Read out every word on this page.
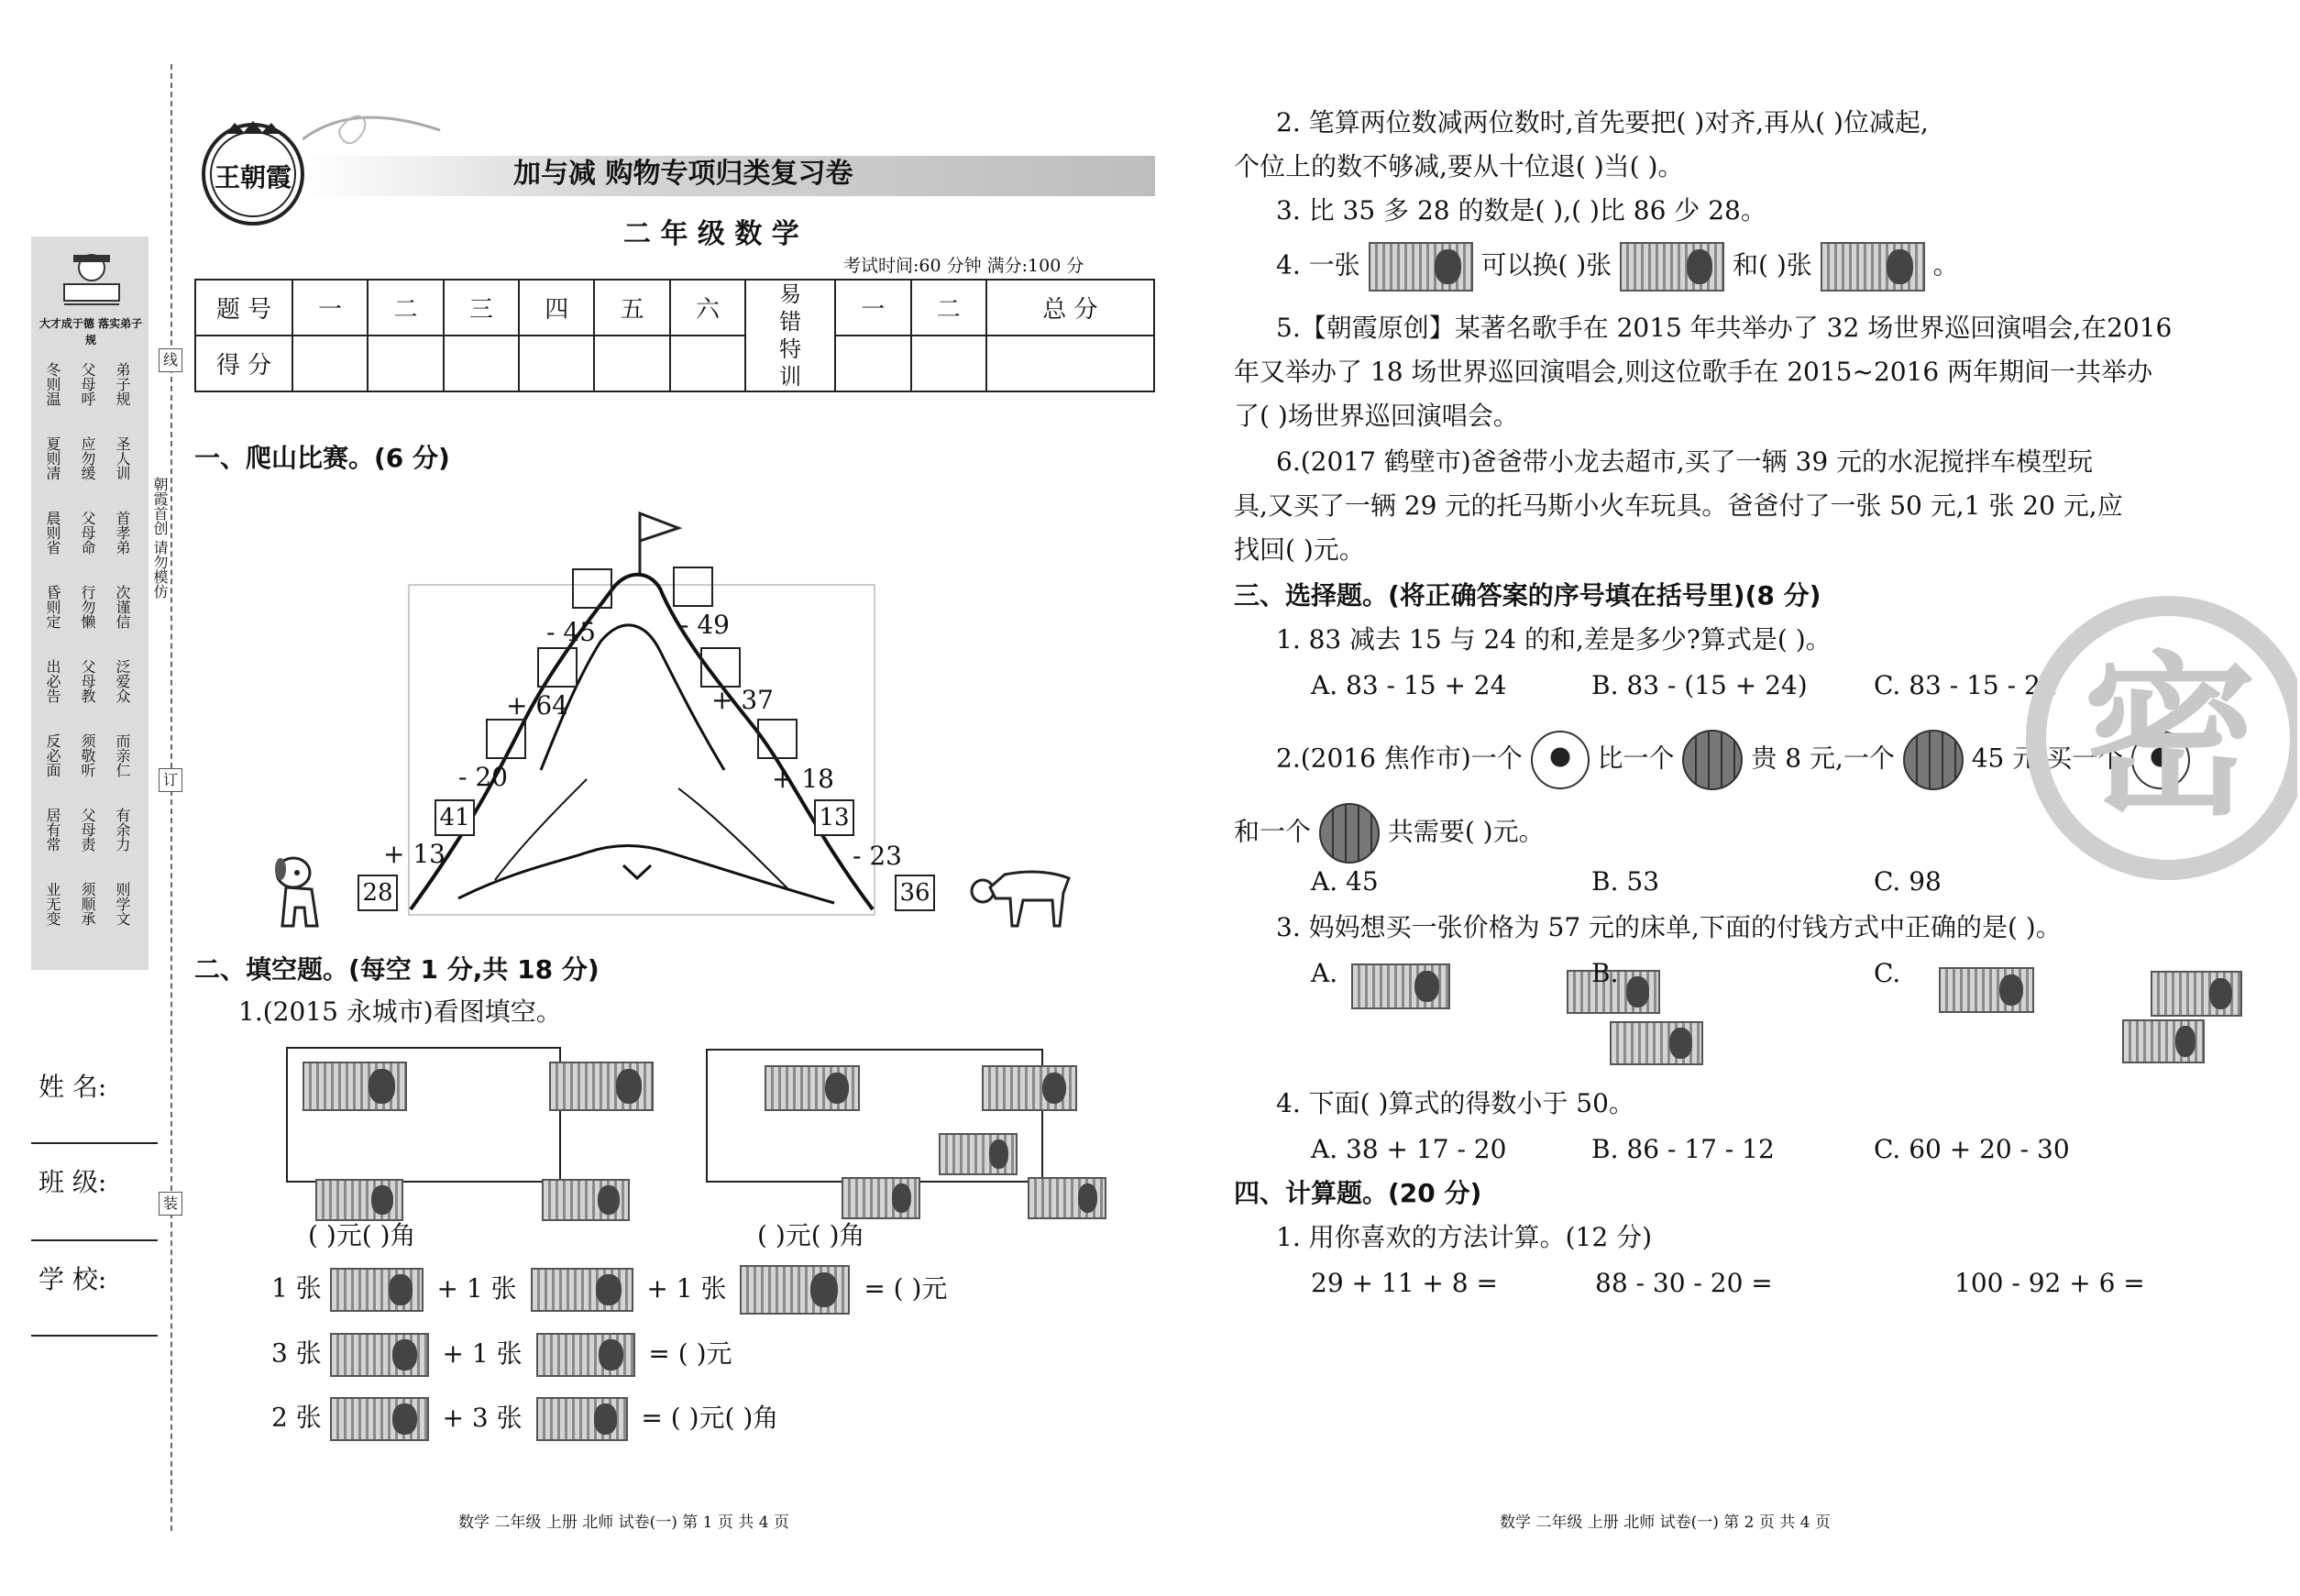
大才成于德 落实弟子规
弟子规
圣人训
首孝弟
次谨信
泛爱众
而亲仁
有余力
则学文
父母呼
应勿缓
父母命
行勿懒
父母教
须敬听
父母责
须顺承
冬则温
夏则凊
晨则省
昏则定
出必告
反必面
居有常
业无变
朝霞首创 请勿模仿
线
订
装
姓 名:
班 级:
学 校:
王朝霞	加与减 购物专项归类复习卷
二 年 级 数 学
考试时间:60 分钟 满分:100 分
题 号	一	二	三	四	五	六	易错特训	一	二	总 分
得 分										
一、爬山比赛。(6 分)
- 45	- 49
+ 64	+ 37
- 20	+ 18
+ 13	- 23
28
41	13
36
二、填空题。(每空 1 分,共 18 分)
1.(2015 永城市)看图填空。

( )元( )角	( )元( )角
1 张	+ 1 张	+ 1 张	= ( )元
3 张	+ 1 张	= ( )元
2 张	+ 3 张	= ( )元( )角
数学 二年级 上册 北师 试卷(一) 第 1 页 共 4 页
2. 笔算两位数减两位数时,首先要把( )对齐,再从( )位减起,
个位上的数不够减,要从十位退( )当( )。
3. 比 35 多 28 的数是( ),( )比 86 少 28。
4. 一张	可以换( )张	和( )张	。
5.【朝霞原创】某著名歌手在 2015 年共举办了 32 场世界巡回演唱会,在2016
年又举办了 18 场世界巡回演唱会,则这位歌手在 2015~2016 两年期间一共举办
了( )场世界巡回演唱会。
6.(2017 鹤壁市)爸爸带小龙去超市,买了一辆 39 元的水泥搅拌车模型玩
具,又买了一辆 29 元的托马斯小火车玩具。爸爸付了一张 50 元,1 张 20 元,应
找回( )元。
三、选择题。(将正确答案的序号填在括号里)(8 分)
1. 83 减去 15 与 24 的和,差是多少?算式是( )。
A. 83 - 15 + 24	B. 83 - (15 + 24)	C. 83 - 15 - 24
2.(2016 焦作市)一个	比一个	贵 8 元,一个	45 元,买一个
和一个	共需要( )元。
A. 45	B. 53	C. 98
3. 妈妈想买一张价格为 57 元的床单,下面的付钱方式中正确的是( )。
A.
	B.
	C.

4. 下面( )算式的得数小于 50。
A. 38 + 17 - 20	B. 86 - 17 - 12	C. 60 + 20 - 30
四、计算题。(20 分)
1. 用你喜欢的方法计算。(12 分)
29 + 11 + 8 =	88 - 30 - 20 =	100 - 92 + 6 =
密
数学 二年级 上册 北师 试卷(一) 第 2 页 共 4 页
